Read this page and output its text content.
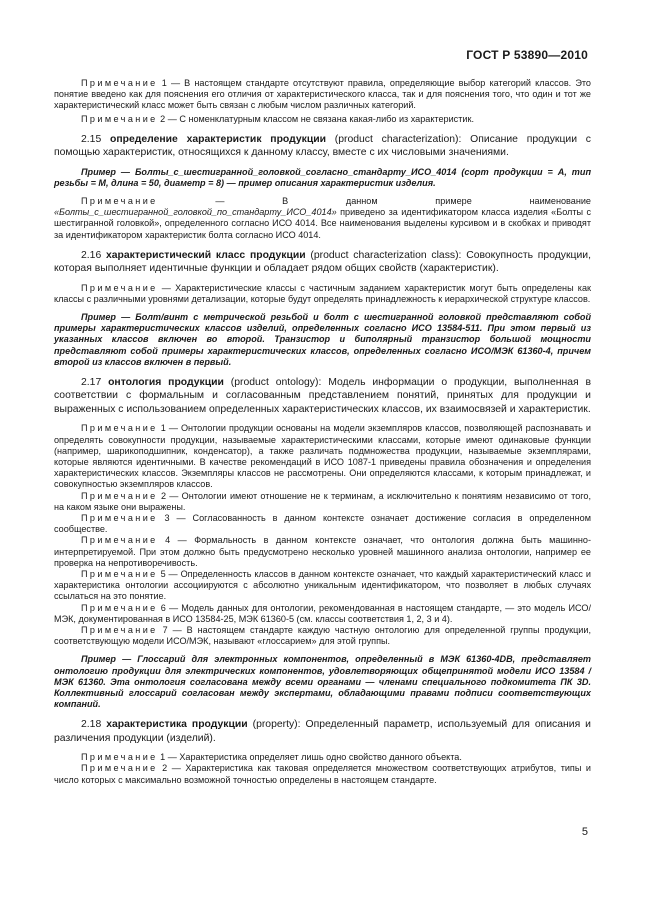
ГОСТ Р 53890—2010

Примечание 1 — В настоящем стандарте отсутствуют правила, определяющие выбор категорий классов. Это понятие введено как для пояснения его отличия от характеристического класса, так и для пояснения того, что один и тот же характеристический класс может быть связан с любым числом различных категорий.

Примечание 2 — С номенклатурным классом не связана какая-либо из характеристик.

2.15 определение характеристик продукции (product characterization): Описание продукции с помощью характеристик, относящихся к данному классу, вместе с их числовыми значениями.

Пример — Болты_с_шестигранной_головкой_согласно_стандарту_ИСО_4014 (сорт продукции = А, тип резьбы = М, длина = 50, диаметр = 8) — пример описания характеристик изделия.

Примечание — В данном примере наименование «Болты_с_шестигранной_головкой_по_стандарту_ИСО_4014» приведено за идентификатором класса изделия «Болты с шестигранной головкой», определенного согласно ИСО 4014. Все наименования выделены курсивом и в скобках и приводят за идентификатором характеристик болта согласно ИСО 4014.

2.16 характеристический класс продукции (product characterization class): Совокупность продукции, которая выполняет идентичные функции и обладает рядом общих свойств (характеристик).

Примечание — Характеристические классы с частичным заданием характеристик могут быть определены как классы с различными уровнями детализации, которые будут определять принадлежность к иерархической структуре классов.

Пример — Болт/винт с метрической резьбой и болт с шестигранной головкой представляют собой примеры характеристических классов изделий, определенных согласно ИСО 13584-511. При этом первый из указанных классов включен во второй. Транзистор и биполярный транзистор большой мощности представляют собой примеры характеристических классов, определенных согласно ИСО/МЭК 61360-4, причем второй из классов включен в первый.

2.17 онтология продукции (product ontology): Модель информации о продукции, выполненная в соответствии с формальным и согласованным представлением понятий, принятых для продукции и выраженных с использованием определенных характеристических классов, их взаимосвязей и характеристик.

Примечание 1 — Онтологии продукции основаны на модели экземпляров классов, позволяющей распознавать и определять совокупности продукции, называемые характеристическими классами, которые имеют одинаковые функции (например, шарикоподшипник, конденсатор), а также различать подмножества продукции, называемые экземплярами, которые являются идентичными. В качестве рекомендаций в ИСО 1087-1 приведены правила обозначения и определения характеристических классов. Экземпляры классов не рассмотрены. Они определяются классами, к которым принадлежат, и совокупностью экземпляров классов.

Примечание 2 — Онтологии имеют отношение не к терминам, а исключительно к понятиям независимо от того, на каком языке они выражены.

Примечание 3 — Согласованность в данном контексте означает достижение согласия в определенном сообществе.

Примечание 4 — Формальность в данном контексте означает, что онтология должна быть машинно-интерпретируемой. При этом должно быть предусмотрено несколько уровней машинного анализа онтологии, например ее проверка на непротиворечивость.

Примечание 5 — Определенность классов в данном контексте означает, что каждый характеристический класс и характеристика онтологии ассоциируются с абсолютно уникальным идентификатором, что позволяет в любых случаях ссылаться на это понятие.

Примечание 6 — Модель данных для онтологии, рекомендованная в настоящем стандарте, — это модель ИСО/МЭК, документированная в ИСО 13584-25, МЭК 61360-5 (см. классы соответствия 1, 2, 3 и 4).

Примечание 7 — В настоящем стандарте каждую частную онтологию для определенной группы продукции, соответствующую модели ИСО/МЭК, называют «глоссарием» для этой группы.

Пример — Глоссарий для электронных компонентов, определенный в МЭК 61360-4DB, представляет онтологию продукции для электрических компонентов, удовлетворяющих общепринятой модели ИСО 13584 / МЭК 61360. Эта онтология согласована между всеми органами — членами специального подкомитета ПК 3D. Коллективный глоссарий согласован между экспертами, обладающими правами подписи соответствующих компаний.

2.18 характеристика продукции (property): Определенный параметр, используемый для описания и различения продукции (изделий).

Примечание 1 — Характеристика определяет лишь одно свойство данного объекта.

Примечание 2 — Характеристика как таковая определяется множеством соответствующих атрибутов, типы и число которых с максимально возможной точностью определены в настоящем стандарте.

5
